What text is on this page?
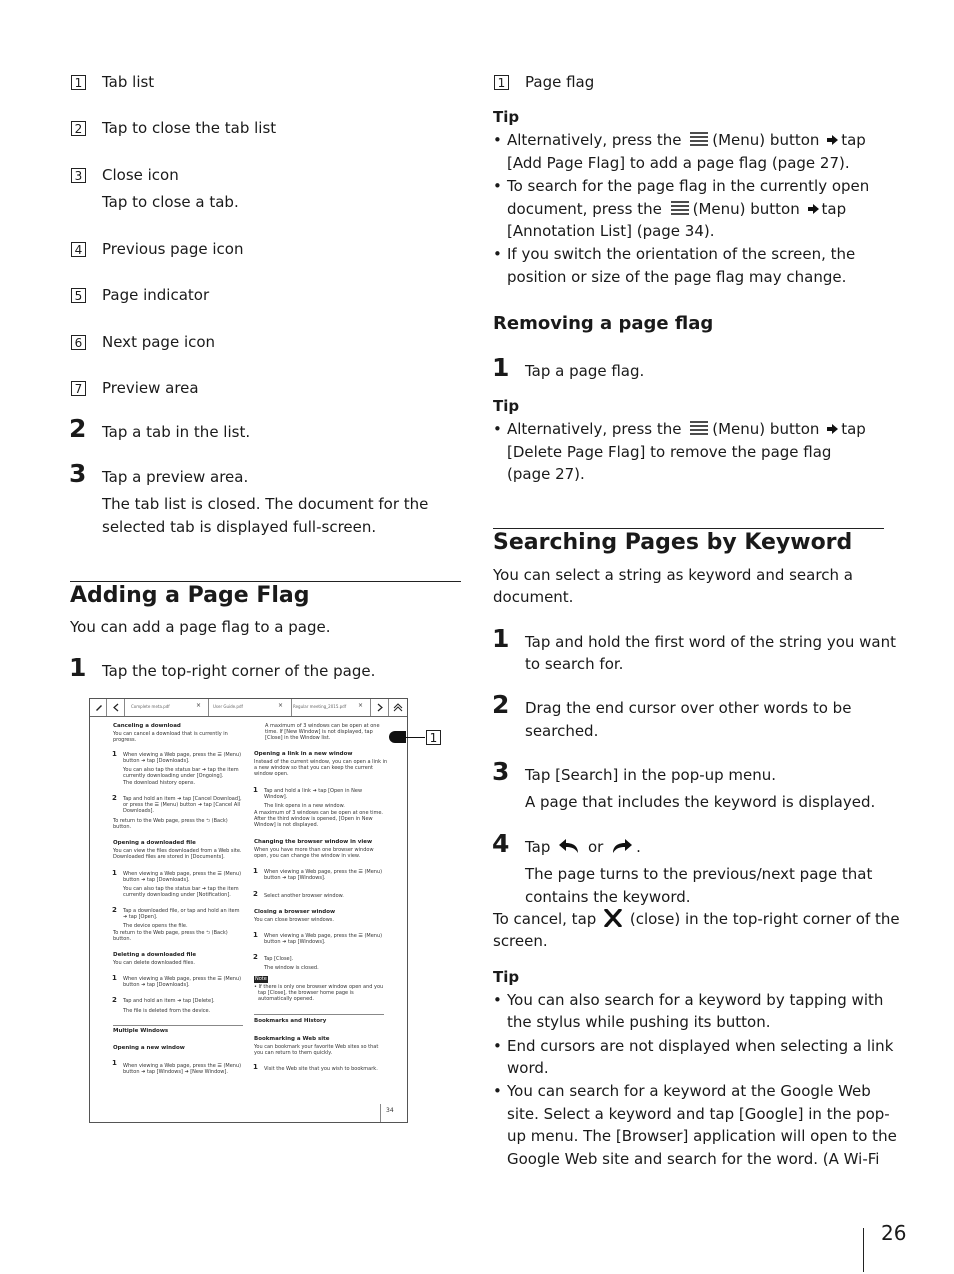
1 Tab list
2 Tap to close the tab list
3 Close icon
Tap to close a tab.
4 Previous page icon
5 Page indicator
6 Next page icon
7 Preview area
2 Tap a tab in the list.
3 Tap a preview area.
The tab list is closed. The document for the
selected tab is displayed full-screen.
Adding a Page Flag
You can add a page flag to a page.
1 Tap the top-right corner of the page.
Complete meta.pdf	×	User Guide.pdf	× Regular meeting_2015.pdf ×
Canceling a download
You can cancel a download that is currently in
progress.
1 When viewing a Web page, press the ☰ (Menu)
button ➜ tap [Downloads].
You can also tap the status bar ➜ tap the item
currently downloading under [Ongoing].
The download history opens.
2 Tap and hold an item ➜ tap [Cancel Download],
or press the ☰ (Menu) button ➜ tap [Cancel All
Downloads].
To return to the Web page, press the ⮌ (Back)
button.
Opening a downloaded file
You can view the files downloaded from a Web site.
Downloaded files are stored in [Documents].
1 When viewing a Web page, press the ☰ (Menu)
button ➜ tap [Downloads].
You can also tap the status bar ➜ tap the item
currently downloading under [Notification].
2 Tap a downloaded file, or tap and hold an item
➜ tap [Open].
The device opens the file.
To return to the Web page, press the ⮌ (Back)
button.
Deleting a downloaded file
You can delete downloaded files.
1 When viewing a Web page, press the ☰ (Menu)
button ➜ tap [Downloads].
2 Tap and hold an item ➜ tap [Delete].
The file is deleted from the device.
Multiple Windows
Opening a new window
1 When viewing a Web page, press the ☰ (Menu)
button ➜ tap [Windows] ➜ [New Window].
A maximum of 3 windows can be open at one
time. If [New Window] is not displayed, tap
[Close] in the Window list.
Opening a link in a new window
Instead of the current window, you can open a link in
a new window so that you can keep the current
window open.
1 Tap and hold a link ➜ tap [Open in New
Window].
The link opens in a new window.
A maximum of 3 windows can be open at one time.
After the third window is opened, [Open in New
Window] is not displayed.
Changing the browser window in view
When you have more than one browser window
open, you can change the window in view.
1 When viewing a Web page, press the ☰ (Menu)
button ➜ tap [Windows].
2 Select another browser window.
Closing a browser window
You can close browser windows.
1 When viewing a Web page, press the ☰ (Menu)
button ➜ tap [Windows].
2 Tap [Close].
The window is closed.
Note
• If there is only one browser window open and you
tap [Close], the browser home page is
automatically opened.
Bookmarks and History
Bookmarking a Web site
You can bookmark your favorite Web sites so that
you can return to them quickly.
1 Visit the Web site that you wish to bookmark.
34
1
1 Page flag
Tip
• Alternatively, press the (Menu) button tap
[Add Page Flag] to add a page flag (page 27).
• To search for the page flag in the currently open
document, press the (Menu) button tap
[Annotation List] (page 34).
• If you switch the orientation of the screen, the
position or size of the page flag may change.
Removing a page flag
1 Tap a page flag.
Tip
• Alternatively, press the (Menu) button tap
[Delete Page Flag] to remove the page flag
(page 27).
Searching Pages by Keyword
You can select a string as keyword and search a
document.
1 Tap and hold the first word of the string you want
to search for.
2 Drag the end cursor over other words to be
searched.
3 Tap [Search] in the pop-up menu.
A page that includes the keyword is displayed.
4 Tap	or .
The page turns to the previous/next page that
contains the keyword.
To cancel, tap (close) in the top-right corner of the
screen.
Tip
• You can also search for a keyword by tapping with
the stylus while pushing its button.
• End cursors are not displayed when selecting a link
word.
• You can search for a keyword at the Google Web
site. Select a keyword and tap [Google] in the pop-
up menu. The [Browser] application will open to the
Google Web site and search for the word. (A Wi-Fi
26
